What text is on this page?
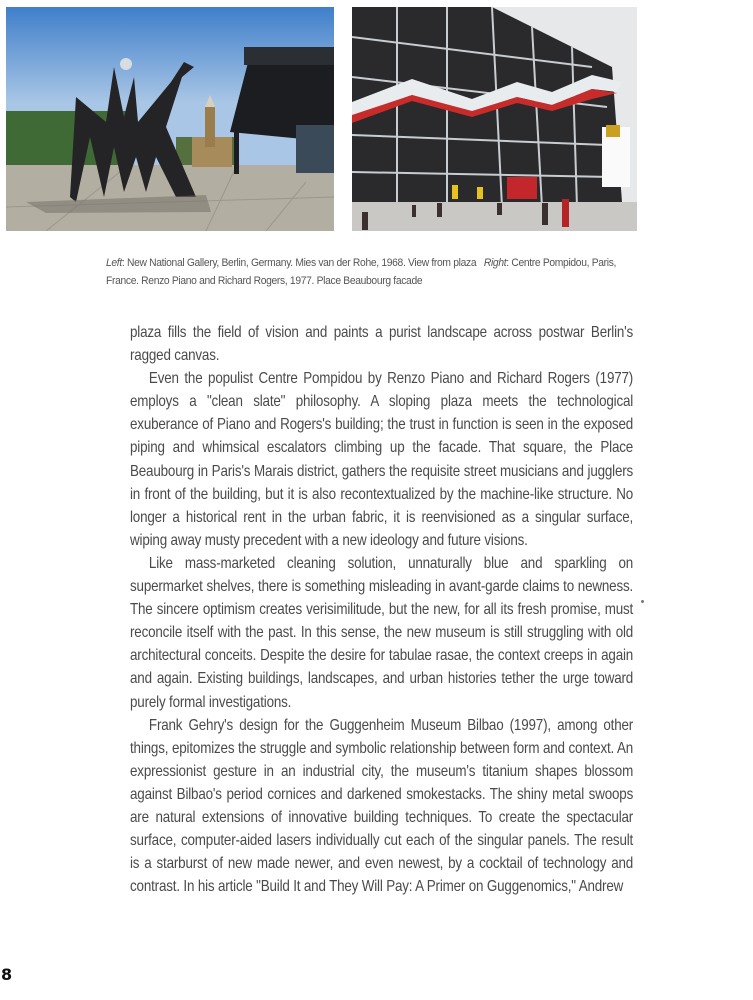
Left: New National Gallery, Berlin, Germany. Mies van der Rohe, 1968. View from plaza Right: Centre Pompidou, Paris, France. Renzo Piano and Richard Rogers, 1977. Place Beaubourg facade

plaza fills the field of vision and paints a purist landscape across postwar Berlin's ragged canvas.

Even the populist Centre Pompidou by Renzo Piano and Richard Rogers (1977) employs a "clean slate" philosophy. A sloping plaza meets the technological exuberance of Piano and Rogers's building; the trust in function is seen in the exposed piping and whimsical escalators climbing up the facade. That square, the Place Beaubourg in Paris's Marais district, gathers the requisite street musicians and jugglers in front of the building, but it is also recontextualized by the machine-like structure. No longer a historical rent in the urban fabric, it is reenvisioned as a singular surface, wiping away musty precedent with a new ideology and future visions.

Like mass-marketed cleaning solution, unnaturally blue and sparkling on supermarket shelves, there is something misleading in avant-garde claims to newness. The sincere optimism creates verisimilitude, but the new, for all its fresh promise, must reconcile itself with the past. In this sense, the new museum is still struggling with old architectural conceits. Despite the desire for tabulae rasae, the context creeps in again and again. Existing buildings, landscapes, and urban histories tether the urge toward purely formal investigations.

Frank Gehry's design for the Guggenheim Museum Bilbao (1997), among other things, epitomizes the struggle and symbolic relationship between form and context. An expressionist gesture in an industrial city, the museum's titanium shapes blossom against Bilbao's period cornices and darkened smokestacks. The shiny metal swoops are natural extensions of innovative building techniques. To create the spectacular surface, computer-aided lasers individually cut each of the singular panels. The result is a starburst of new made newer, and even newest, by a cocktail of technology and contrast. In his article "Build It and They Will Pay: A Primer on Guggenomics," Andrew

8
